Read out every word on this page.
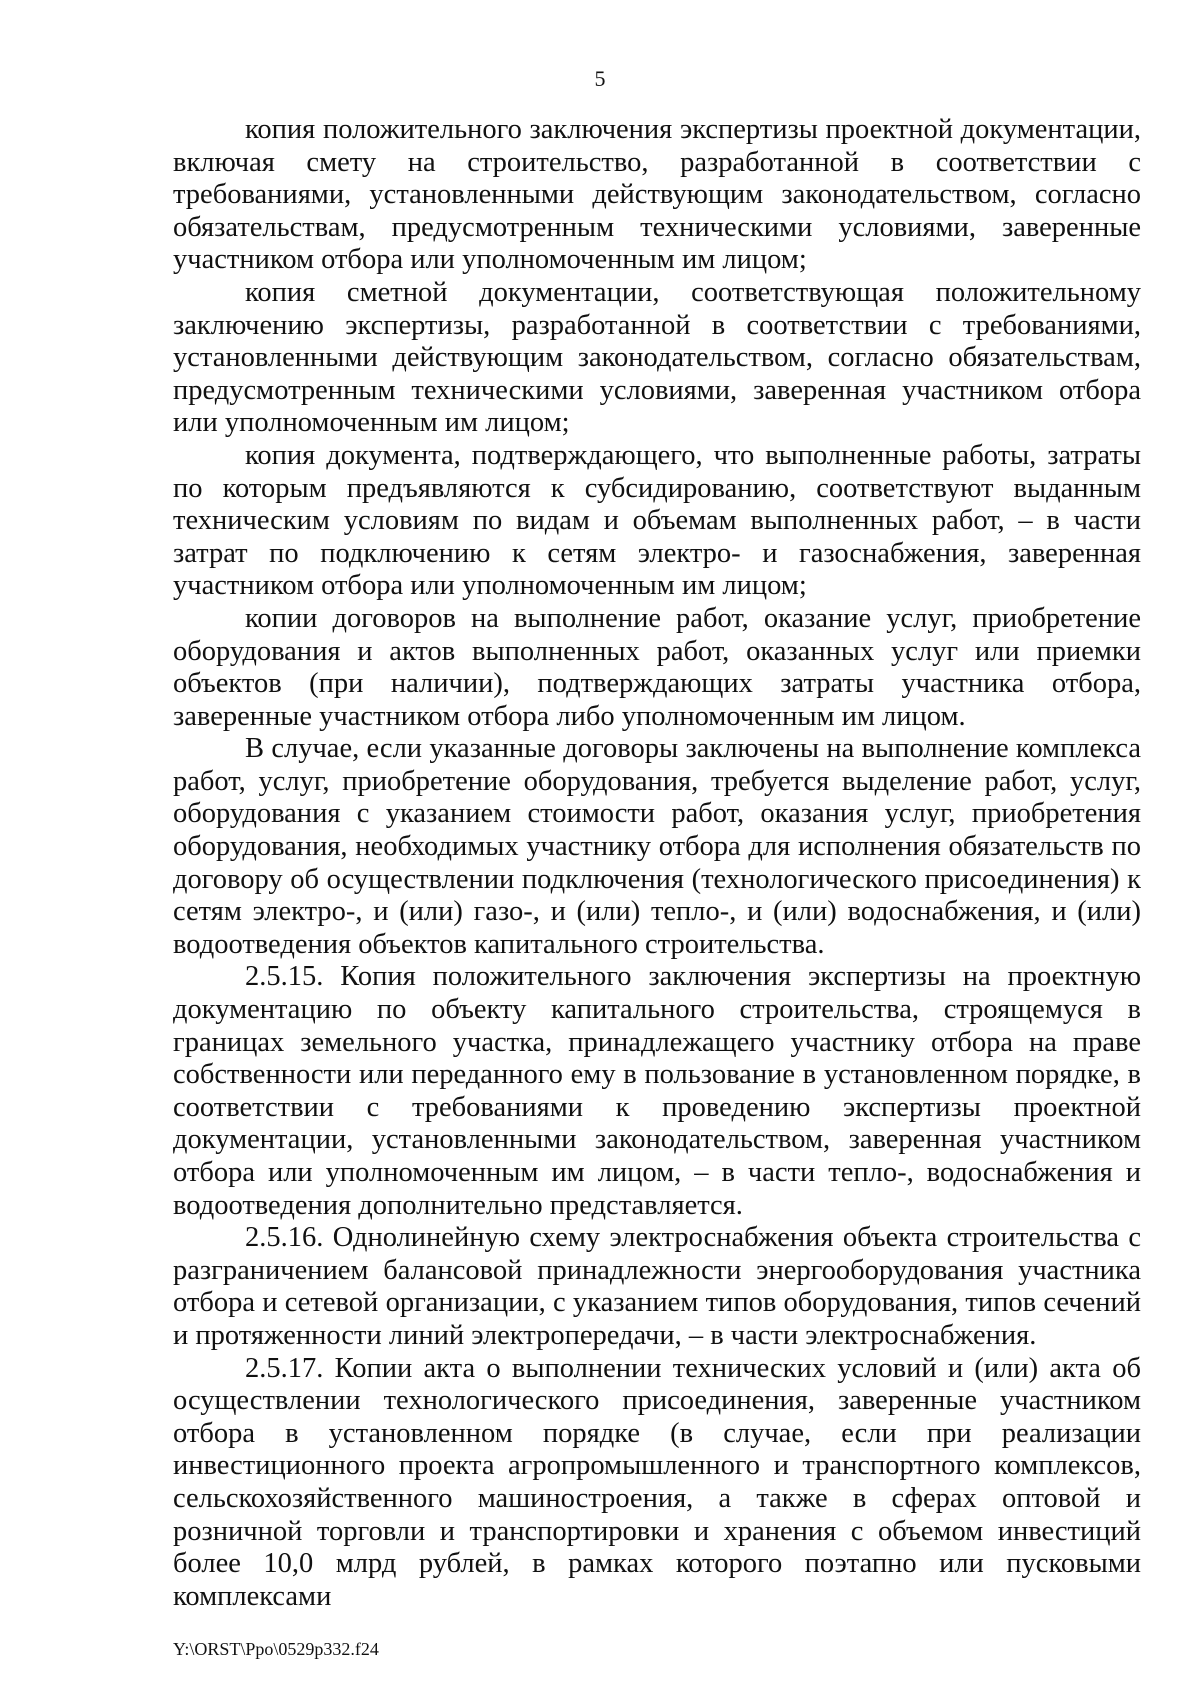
5

копия положительного заключения экспертизы проектной документации, включая смету на строительство, разработанной в соответствии с требованиями, установленными действующим законодательством, согласно обязательствам, предусмотренным техническими условиями, заверенные участником отбора или уполномоченным им лицом;

копия сметной документации, соответствующая положительному заключению экспертизы, разработанной в соответствии с требованиями, установленными действующим законодательством, согласно обязательствам, предусмотренным техническими условиями, заверенная участником отбора или уполномоченным им лицом;

копия документа, подтверждающего, что выполненные работы, затраты по которым предъявляются к субсидированию, соответствуют выданным техническим условиям по видам и объемам выполненных работ, – в части затрат по подключению к сетям электро- и газоснабжения, заверенная участником отбора или уполномоченным им лицом;

копии договоров на выполнение работ, оказание услуг, приобретение оборудования и актов выполненных работ, оказанных услуг или приемки объектов (при наличии), подтверждающих затраты участника отбора, заверенные участником отбора либо уполномоченным им лицом.

В случае, если указанные договоры заключены на выполнение комплекса работ, услуг, приобретение оборудования, требуется выделение работ, услуг, оборудования с указанием стоимости работ, оказания услуг, приобретения оборудования, необходимых участнику отбора для исполнения обязательств по договору об осуществлении подключения (технологического присоединения) к сетям электро-, и (или) газо-, и (или) тепло-, и (или) водоснабжения, и (или) водоотведения объектов капитального строительства.

2.5.15. Копия положительного заключения экспертизы на проектную документацию по объекту капитального строительства, строящемуся в границах земельного участка, принадлежащего участнику отбора на праве собственности или переданного ему в пользование в установленном порядке, в соответствии с требованиями к проведению экспертизы проектной документации, установленными законодательством, заверенная участником отбора или уполномоченным им лицом, – в части тепло-, водоснабжения и водоотведения дополнительно представляется.

2.5.16. Однолинейную схему электроснабжения объекта строительства с разграничением балансовой принадлежности энергооборудования участника отбора и сетевой организации, с указанием типов оборудования, типов сечений и протяженности линий электропередачи, – в части электроснабжения.

2.5.17. Копии акта о выполнении технических условий и (или) акта об осуществлении технологического присоединения, заверенные участником отбора в установленном порядке (в случае, если при реализации инвестиционного проекта агропромышленного и транспортного комплексов, сельскохозяйственного машиностроения, а также в сферах оптовой и розничной торговли и транспортировки и хранения с объемом инвестиций более 10,0 млрд рублей, в рамках которого поэтапно или пусковыми комплексами

Y:\ORST\Ppo\0529p332.f24
